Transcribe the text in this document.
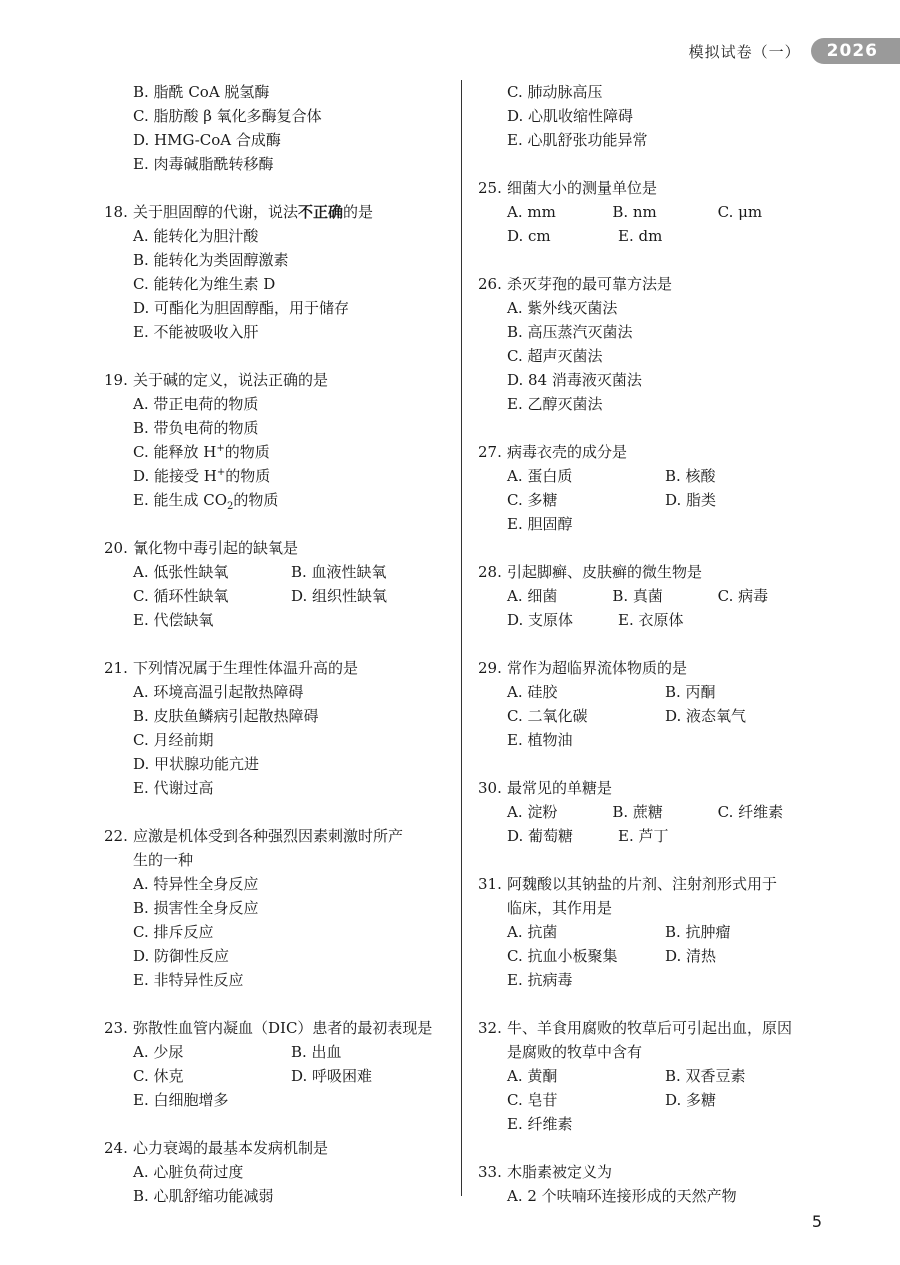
模拟试卷（一）	2026
B. 脂酰 CoA 脱氢酶
C. 脂肪酸 β 氧化多酶复合体
D. HMG-CoA 合成酶
E. 肉毒碱脂酰转移酶
18. 关于胆固醇的代谢，说法不正确的是
A. 能转化为胆汁酸
B. 能转化为类固醇激素
C. 能转化为维生素 D
D. 可酯化为胆固醇酯，用于储存
E. 不能被吸收入肝
19. 关于碱的定义，说法正确的是
A. 带正电荷的物质
B. 带负电荷的物质
C. 能释放 H+的物质
D. 能接受 H+的物质
E. 能生成 $CO_2$的物质
20. 氰化物中毒引起的缺氧是
A. 低张性缺氧	B. 血液性缺氧
C. 循环性缺氧	D. 组织性缺氧
E. 代偿缺氧
21. 下列情况属于生理性体温升高的是
A. 环境高温引起散热障碍
B. 皮肤鱼鳞病引起散热障碍
C. 月经前期
D. 甲状腺功能亢进
E. 代谢过高
22. 应激是机体受到各种强烈因素刺激时所产
生的一种
A. 特异性全身反应
B. 损害性全身反应
C. 排斥反应
D. 防御性反应
E. 非特异性反应
23. 弥散性血管内凝血（DIC）患者的最初表现是
A. 少尿	B. 出血
C. 休克	D. 呼吸困难
E. 白细胞增多
24. 心力衰竭的最基本发病机制是
A. 心脏负荷过度
B. 心肌舒缩功能减弱
C. 肺动脉高压
D. 心肌收缩性障碍
E. 心肌舒张功能异常
25. 细菌大小的测量单位是
A. mm	B. nm	C. μm
D. cm	E. dm
26. 杀灭芽孢的最可靠方法是
A. 紫外线灭菌法
B. 高压蒸汽灭菌法
C. 超声灭菌法
D. 84 消毒液灭菌法
E. 乙醇灭菌法
27. 病毒衣壳的成分是
A. 蛋白质	B. 核酸
C. 多糖	D. 脂类
E. 胆固醇
28. 引起脚癣、皮肤癣的微生物是
A. 细菌	B. 真菌	C. 病毒
D. 支原体	E. 衣原体
29. 常作为超临界流体物质的是
A. 硅胶	B. 丙酮
C. 二氧化碳	D. 液态氧气
E. 植物油
30. 最常见的单糖是
A. 淀粉	B. 蔗糖	C. 纤维素
D. 葡萄糖	E. 芦丁
31. 阿魏酸以其钠盐的片剂、注射剂形式用于
临床，其作用是
A. 抗菌	B. 抗肿瘤
C. 抗血小板聚集	D. 清热
E. 抗病毒
32. 牛、羊食用腐败的牧草后可引起出血，原因
是腐败的牧草中含有
A. 黄酮	B. 双香豆素
C. 皂苷	D. 多糖
E. 纤维素
33. 木脂素被定义为
A. 2 个呋喃环连接形成的天然产物
5
